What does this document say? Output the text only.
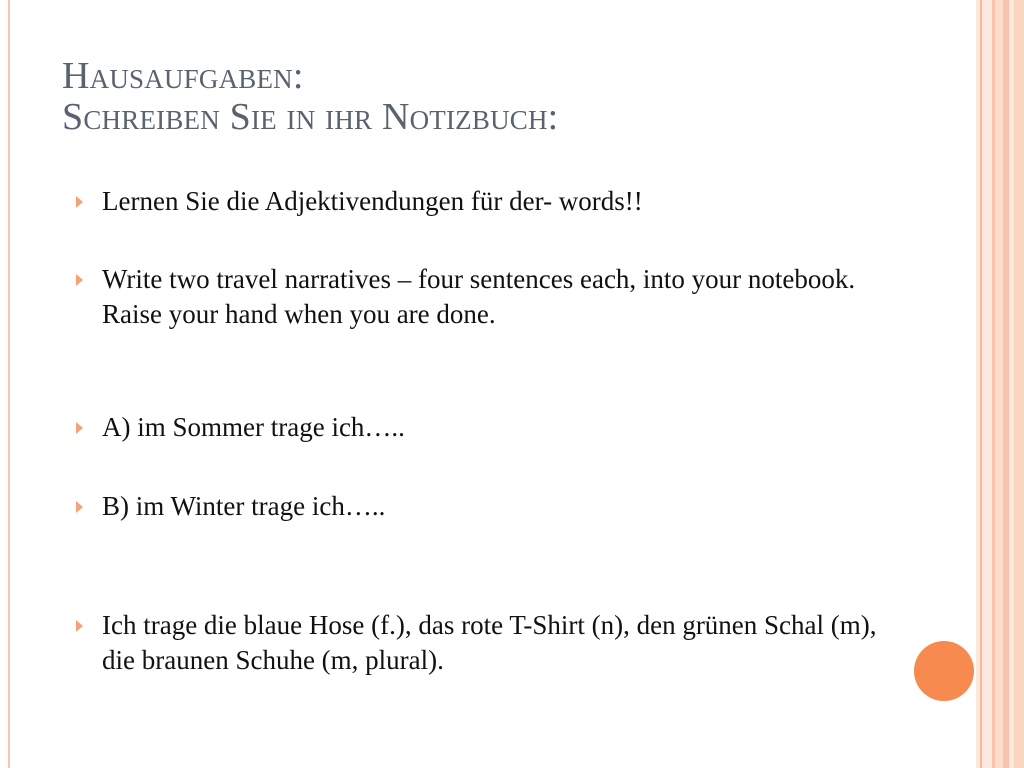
Hausaufgaben:
Schreiben Sie in ihr Notizbuch:
Lernen Sie die Adjektivendungen für der- words!!
Write two travel narratives – four sentences each, into your notebook. Raise your hand when you are done.
A) im Sommer trage ich…..
B) im Winter trage ich…..
Ich trage die blaue Hose (f.), das rote T-Shirt (n), den grünen Schal (m), die braunen Schuhe (m, plural).
